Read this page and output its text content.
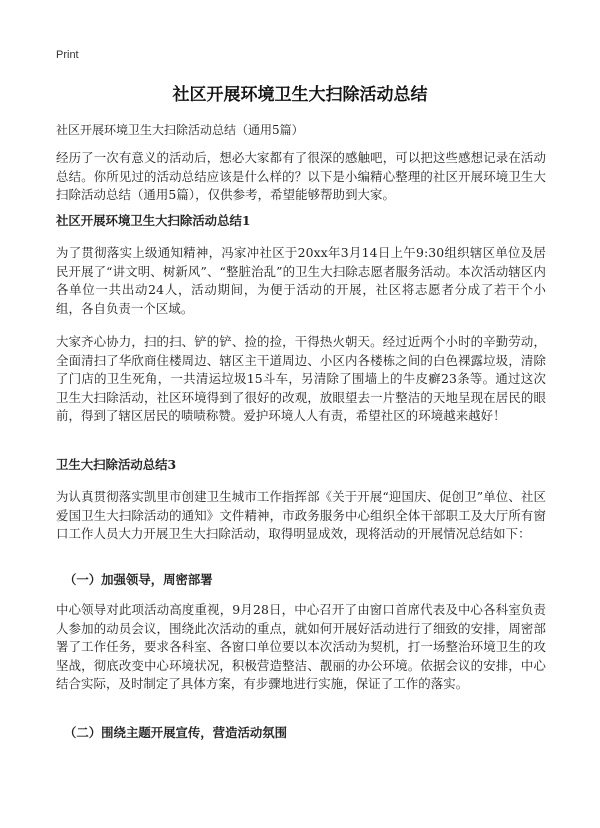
Print
社区开展环境卫生大扫除活动总结

社区开展环境卫生大扫除活动总结（通用5篇）

经历了一次有意义的活动后，想必大家都有了很深的感触吧，可以把这些感想记录在活动总结。你所见过的活动总结应该是什么样的？以下是小编精心整理的社区开展环境卫生大扫除活动总结（通用5篇），仅供参考，希望能够帮助到大家。

社区开展环境卫生大扫除活动总结1

为了贯彻落实上级通知精神，冯家冲社区于20xx年3月14日上午9:30组织辖区单位及居民开展了“讲文明、树新风”、“整脏治乱”的卫生大扫除志愿者服务活动。本次活动辖区内各单位一共出动24人，活动期间，为便于活动的开展，社区将志愿者分成了若干个小组，各自负责一个区域。

大家齐心协力，扫的扫、铲的铲、捡的捡，干得热火朝天。经过近两个小时的辛勤劳动，全面清扫了华欣商住楼周边、辖区主干道周边、小区内各楼栋之间的白色裸露垃圾，清除了门店的卫生死角，一共清运垃圾15斗车，另清除了围墙上的牛皮癣23条等。通过这次卫生大扫除活动，社区环境得到了很好的改观，放眼望去一片整洁的天地呈现在居民的眼前，得到了辖区居民的啧啧称赞。爱护环境人人有责，希望社区的环境越来越好！

卫生大扫除活动总结3

为认真贯彻落实凯里市创建卫生城市工作指挥部《关于开展“迎国庆、促创卫”单位、社区爱国卫生大扫除活动的通知》文件精神，市政务服务中心组织全体干部职工及大厅所有窗口工作人员大力开展卫生大扫除活动，取得明显成效，现将活动的开展情况总结如下：

（一）加强领导，周密部署

中心领导对此项活动高度重视，9月28日，中心召开了由窗口首席代表及中心各科室负责人参加的动员会议，围绕此次活动的重点，就如何开展好活动进行了细致的安排，周密部署了工作任务，要求各科室、各窗口单位要以本次活动为契机，打一场整治环境卫生的攻坚战，彻底改变中心环境状况，积极营造整洁、靓丽的办公环境。依据会议的安排，中心结合实际，及时制定了具体方案，有步骤地进行实施，保证了工作的落实。

（二）围绕主题开展宣传，营造活动氛围
